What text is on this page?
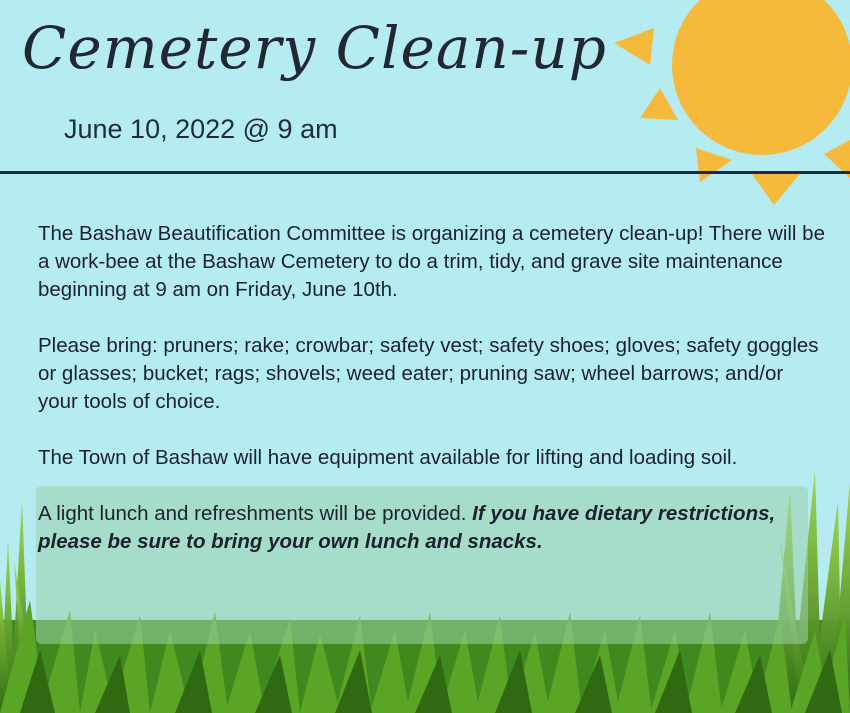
Cemetery Clean-up
June 10, 2022 @ 9 am

The Bashaw Beautification Committee is organizing a cemetery clean-up! There will be a work-bee at the Bashaw Cemetery to do a trim, tidy, and grave site maintenance beginning at 9 am on Friday, June 10th.

Please bring: pruners; rake; crowbar; safety vest; safety shoes; gloves; safety goggles or glasses; bucket; rags; shovels; weed eater; pruning saw; wheel barrows; and/or your tools of choice.

The Town of Bashaw will have equipment available for lifting and loading soil.

A light lunch and refreshments will be provided. If you have dietary restrictions, please be sure to bring your own lunch and snacks.
